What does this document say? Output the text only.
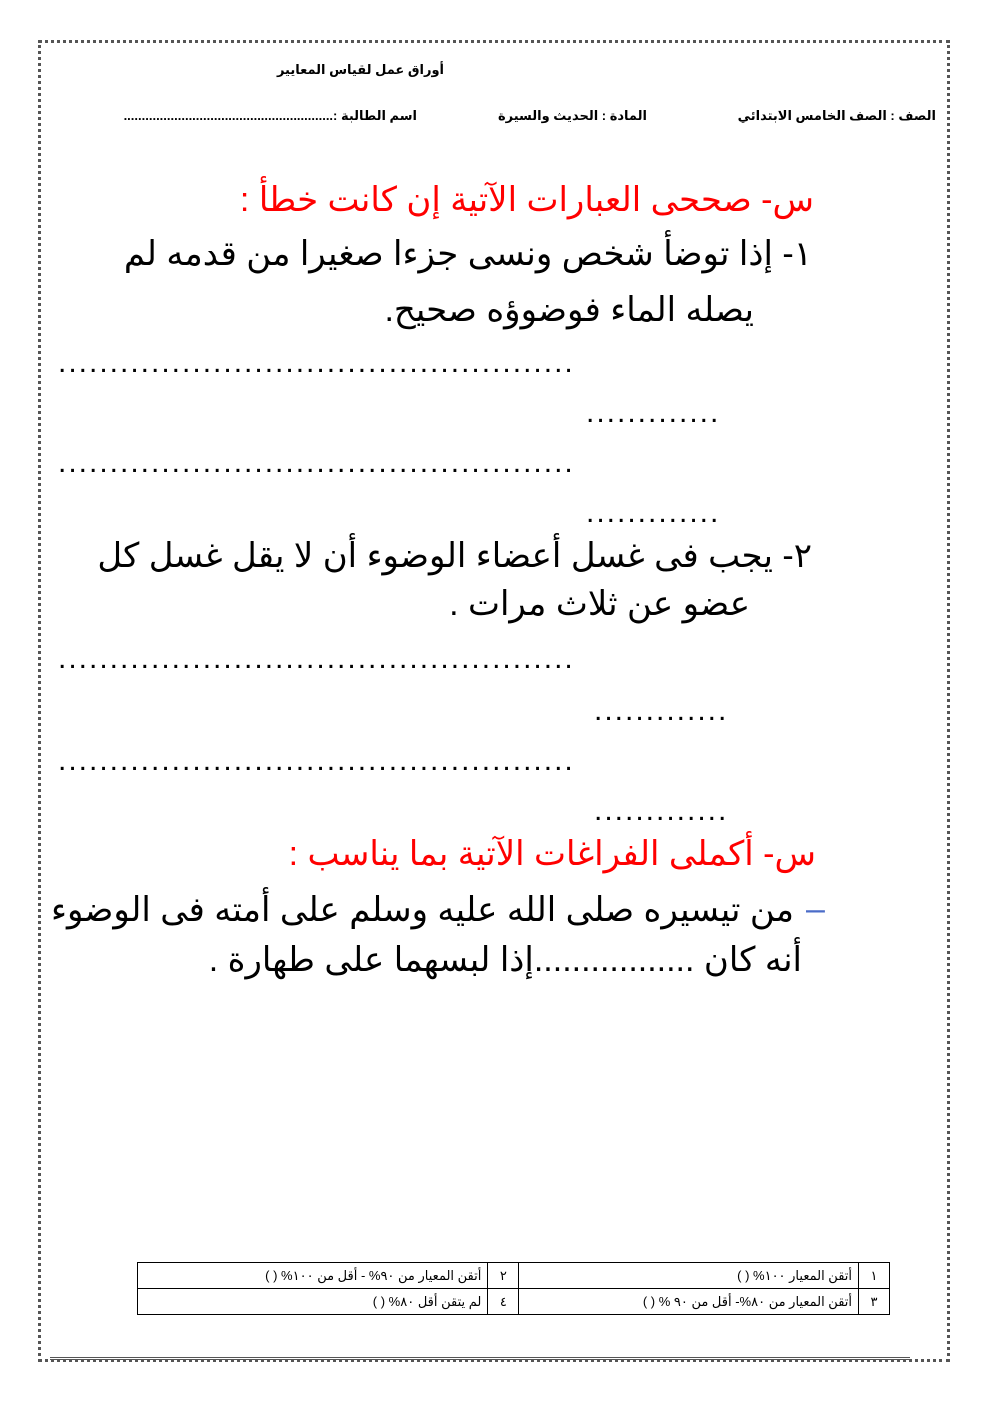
أوراق عمل لقياس المعايير
الصف : الصف الخامس الابتدائي
المادة : الحديث والسيرة
اسم الطالبة :..........................................................
س- صححى العبارات الآتية إن كانت خطأ :
١- إذا توضأ شخص ونسى جزءا صغيرا من قدمه لم
يصله الماء فوضوؤه صحيح.
..................................................
.............
..................................................
.............
٢- يجب فى غسل أعضاء الوضوء أن لا يقل غسل كل
عضو عن ثلاث مرات .
..................................................
.............
..................................................
.............
س- أكملى الفراغات الآتية بما يناسب :
–
من تيسيره صلى الله عليه وسلم على أمته فى الوضوء
أنه كان .................إذا لبسهما على طهارة .
١	أتقن المعيار ١٠٠% ( )	٢	أتقن المعيار من ٩٠% - أقل من ١٠٠% ( )
٣	أتقن المعيار من ٨٠%- أقل من ٩٠ % ( )	٤	لم يتقن أقل ٨٠% ( )
